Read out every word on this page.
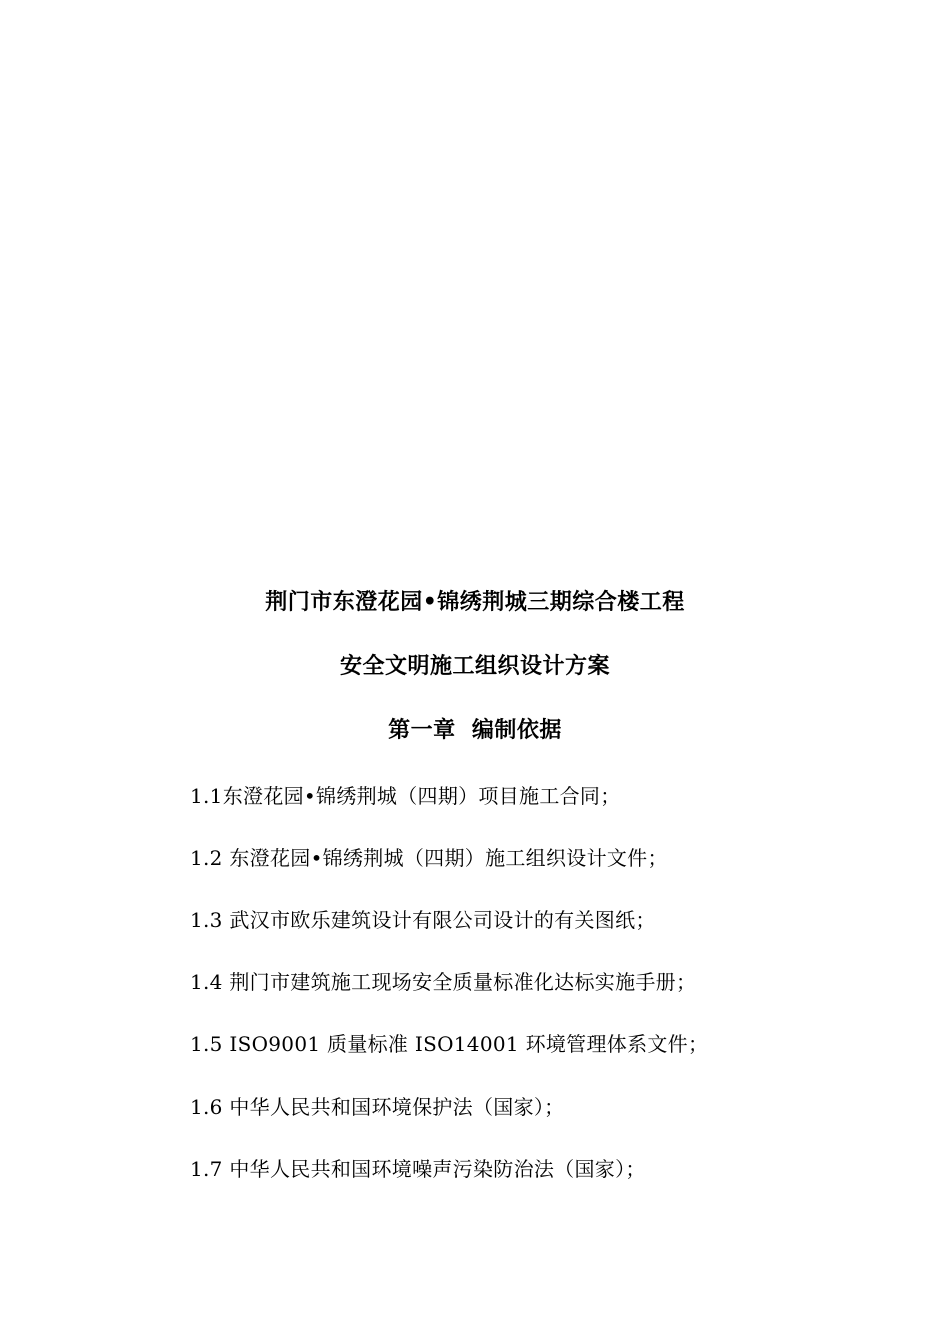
荆门市东澄花园•锦绣荆城三期综合楼工程
安全文明施工组织设计方案
第一章  编制依据
1.1东澄花园•锦绣荆城（四期）项目施工合同；
1.2 东澄花园•锦绣荆城（四期）施工组织设计文件；
1.3 武汉市欧乐建筑设计有限公司设计的有关图纸；
1.4 荆门市建筑施工现场安全质量标准化达标实施手册；
1.5 ISO9001 质量标准 ISO14001 环境管理体系文件；
1.6 中华人民共和国环境保护法（国家）；
1.7 中华人民共和国环境噪声污染防治法（国家）；
